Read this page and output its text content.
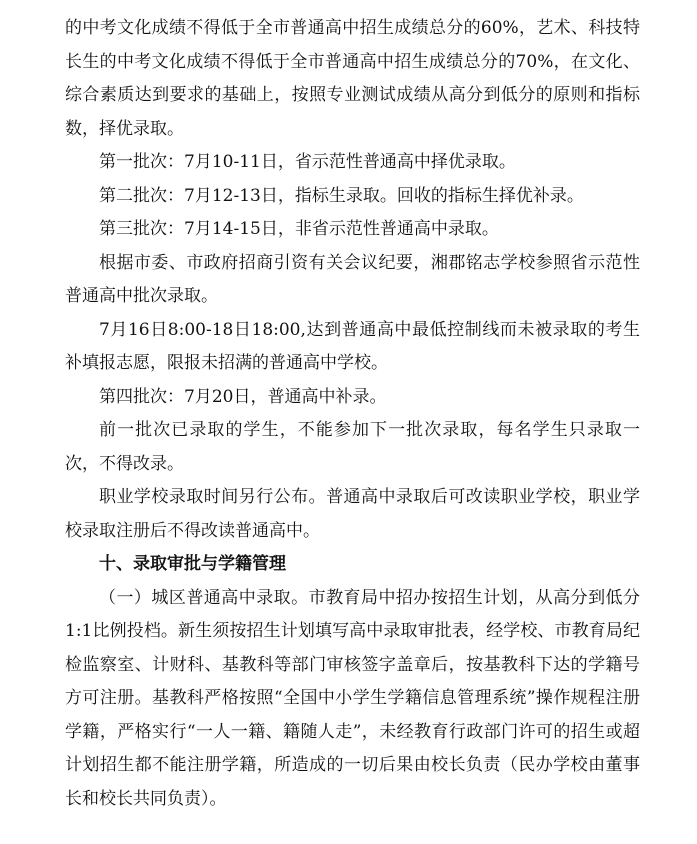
的中考文化成绩不得低于全市普通高中招生成绩总分的60%，艺术、科技特长生的中考文化成绩不得低于全市普通高中招生成绩总分的70%，在文化、综合素质达到要求的基础上，按照专业测试成绩从高分到低分的原则和指标数，择优录取。

第一批次：7月10-11日，省示范性普通高中择优录取。

第二批次：7月12-13日，指标生录取。回收的指标生择优补录。

第三批次：7月14-15日，非省示范性普通高中录取。

根据市委、市政府招商引资有关会议纪要，湘郡铭志学校参照省示范性普通高中批次录取。

7月16日8:00-18日18:00,达到普通高中最低控制线而未被录取的考生补填报志愿，限报未招满的普通高中学校。

第四批次：7月20日，普通高中补录。

前一批次已录取的学生，不能参加下一批次录取，每名学生只录取一次，不得改录。

职业学校录取时间另行公布。普通高中录取后可改读职业学校，职业学校录取注册后不得改读普通高中。

十、录取审批与学籍管理

（一）城区普通高中录取。市教育局中招办按招生计划，从高分到低分1:1比例投档。新生须按招生计划填写高中录取审批表，经学校、市教育局纪检监察室、计财科、基教科等部门审核签字盖章后，按基教科下达的学籍号方可注册。基教科严格按照“全国中小学生学籍信息管理系统”操作规程注册学籍，严格实行“一人一籍、籍随人走”，未经教育行政部门许可的招生或超计划招生都不能注册学籍，所造成的一切后果由校长负责（民办学校由董事长和校长共同负责）。
